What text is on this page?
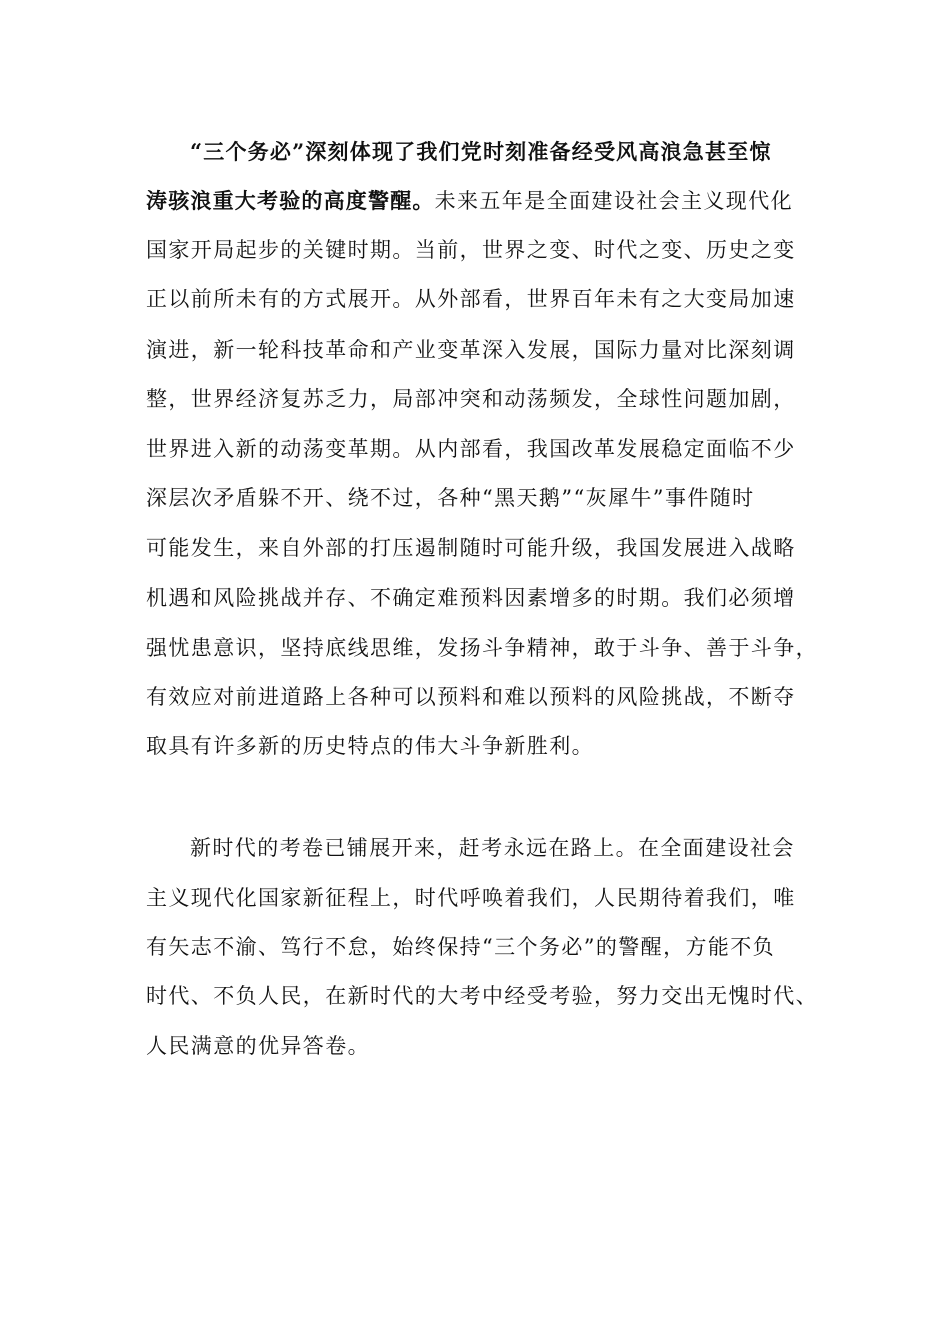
“三个务必”深刻体现了我们党时刻准备经受风高浪急甚至惊
涛骇浪重大考验的高度警醒。未来五年是全面建设社会主义现代化
国家开局起步的关键时期。当前，世界之变、时代之变、历史之变
正以前所未有的方式展开。从外部看，世界百年未有之大变局加速
演进，新一轮科技革命和产业变革深入发展，国际力量对比深刻调
整，世界经济复苏乏力，局部冲突和动荡频发，全球性问题加剧，
世界进入新的动荡变革期。从内部看，我国改革发展稳定面临不少
深层次矛盾躲不开、绕不过，各种“黑天鹅”“灰犀牛”事件随时
可能发生，来自外部的打压遏制随时可能升级，我国发展进入战略
机遇和风险挑战并存、不确定难预料因素增多的时期。我们必须增
强忧患意识，坚持底线思维，发扬斗争精神，敢于斗争、善于斗争，
有效应对前进道路上各种可以预料和难以预料的风险挑战，不断夺
取具有许多新的历史特点的伟大斗争新胜利。
新时代的考卷已铺展开来，赶考永远在路上。在全面建设社会
主义现代化国家新征程上，时代呼唤着我们，人民期待着我们，唯
有矢志不渝、笃行不怠，始终保持“三个务必”的警醒，方能不负
时代、不负人民，在新时代的大考中经受考验，努力交出无愧时代、
人民满意的优异答卷。
